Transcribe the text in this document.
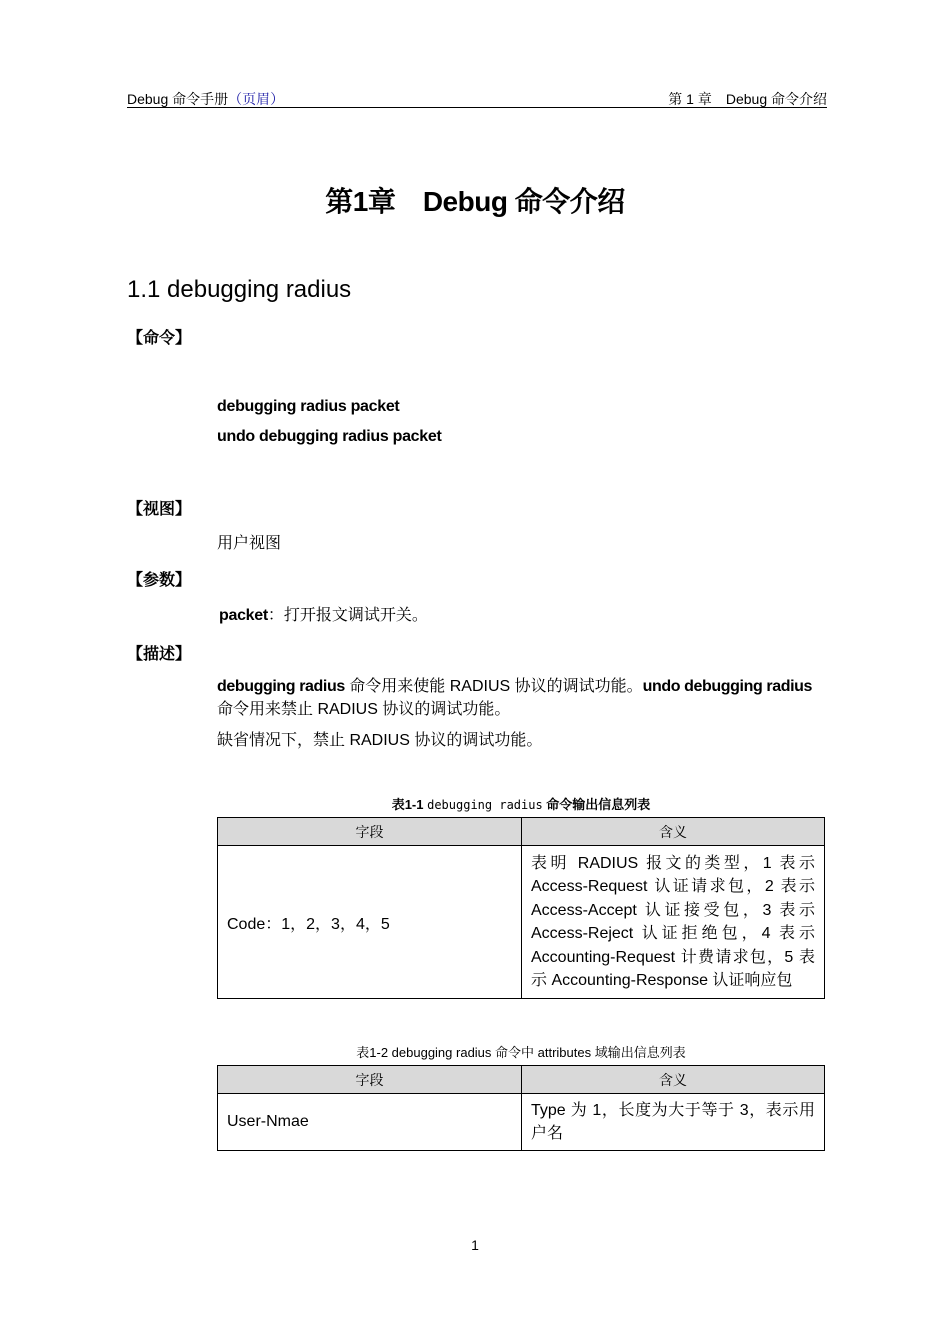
Debug 命令手册（页眉）	第 1 章　Debug 命令介绍
第1章　Debug 命令介绍
1.1 debugging radius
【命令】
debugging radius packet
undo debugging radius packet
【视图】
用户视图
【参数】
packet：打开报文调试开关。
【描述】
debugging radius 命令用来使能 RADIUS 协议的调试功能。undo debugging radius 命令用来禁止 RADIUS 协议的调试功能。
缺省情况下，禁止 RADIUS 协议的调试功能。
表1-1 debugging radius 命令输出信息列表
字段	含义
Code：1，2，3，4，5	表明 RADIUS 报文的类型，1 表示 Access-Request 认证请求包，2 表示 Access-Accept 认证接受包，3 表示 Access-Reject 认证拒绝包，4 表示 Accounting-Request 计费请求包，5 表示 Accounting-Response 认证响应包
表1-2 debugging radius 命令中 attributes 域输出信息列表
字段	含义
User-Nmae	Type 为 1，长度为大于等于 3，表示用户名
1
